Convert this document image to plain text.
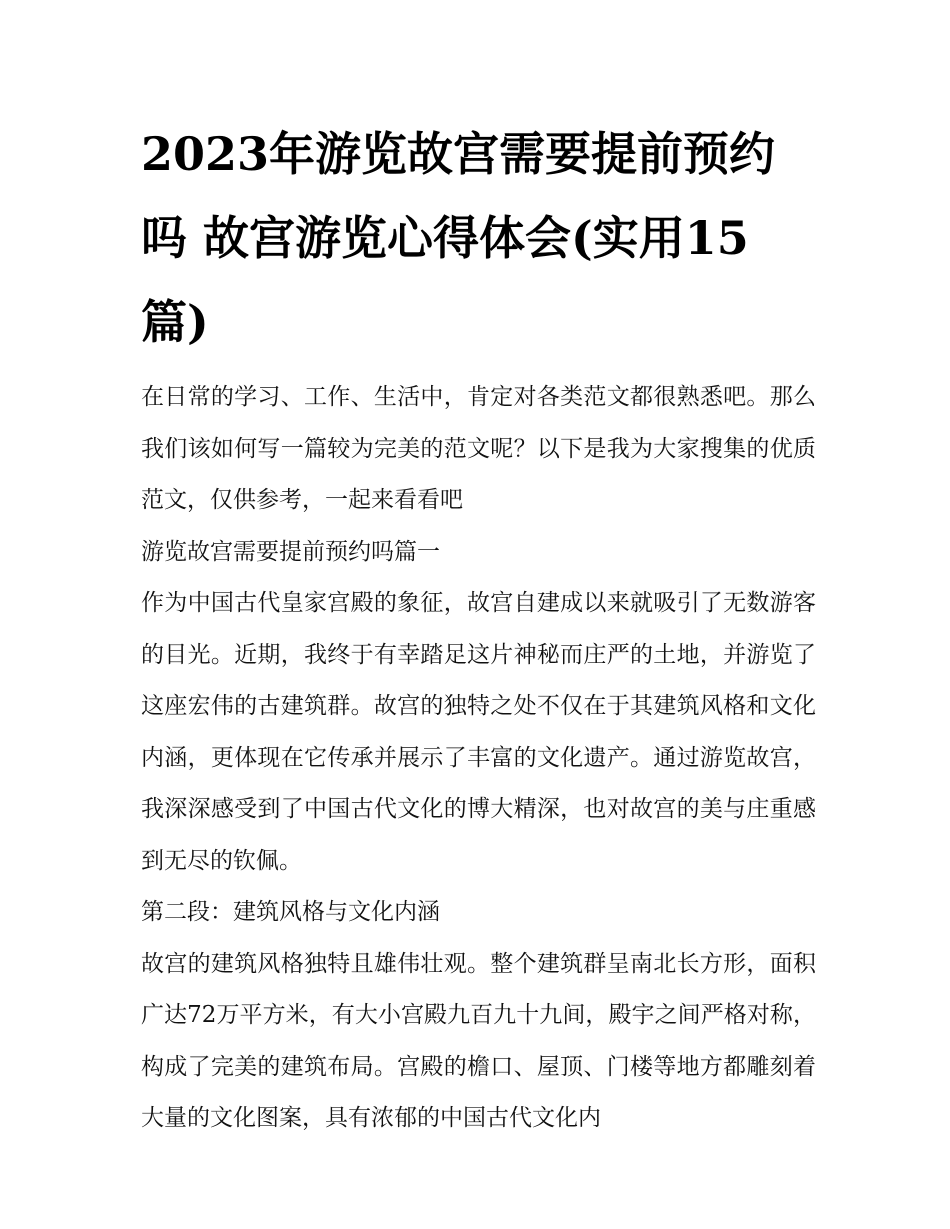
2023年游览故宫需要提前预约吗 故宫游览心得体会(实用15篇)

在日常的学习、工作、生活中，肯定对各类范文都很熟悉吧。那么我们该如何写一篇较为完美的范文呢？以下是我为大家搜集的优质范文，仅供参考，一起来看看吧

游览故宫需要提前预约吗篇一

作为中国古代皇家宫殿的象征，故宫自建成以来就吸引了无数游客的目光。近期，我终于有幸踏足这片神秘而庄严的土地，并游览了这座宏伟的古建筑群。故宫的独特之处不仅在于其建筑风格和文化内涵，更体现在它传承并展示了丰富的文化遗产。通过游览故宫，我深深感受到了中国古代文化的博大精深，也对故宫的美与庄重感到无尽的钦佩。

第二段：建筑风格与文化内涵

故宫的建筑风格独特且雄伟壮观。整个建筑群呈南北长方形，面积广达72万平方米，有大小宫殿九百九十九间，殿宇之间严格对称，构成了完美的建筑布局。宫殿的檐口、屋顶、门楼等地方都雕刻着大量的文化图案，具有浓郁的中国古代文化内
